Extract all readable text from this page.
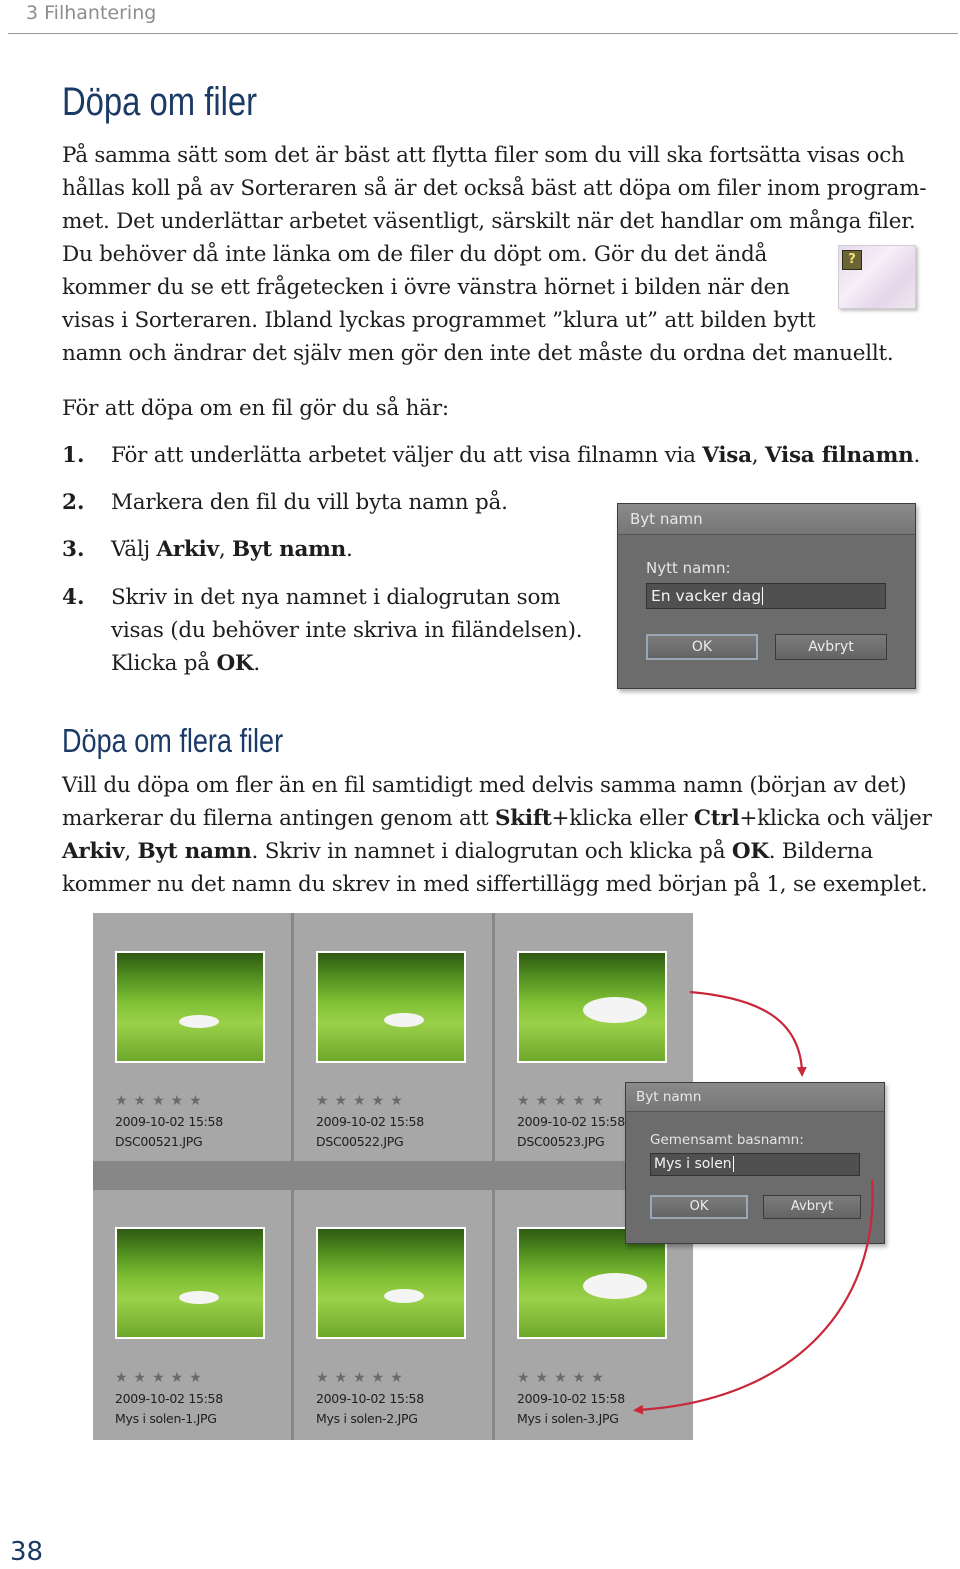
3 Filhantering
Döpa om filer
På samma sätt som det är bäst att flytta filer som du vill ska fortsätta visas och
hållas koll på av Sorteraren så är det också bäst att döpa om filer inom program-
met. Det underlättar arbetet väsentligt, särskilt när det handlar om många filer.
Du behöver då inte länka om de filer du döpt om. Gör du det ändå
kommer du se ett frågetecken i övre vänstra hörnet i bilden när den
visas i Sorteraren. Ibland lyckas programmet ”klura ut” att bilden bytt
namn och ändrar det själv men gör den inte det måste du ordna det manuellt.
?
För att döpa om en fil gör du så här:
1. För att underlätta arbetet väljer du att visa filnamn via Visa, Visa filnamn.
2. Markera den fil du vill byta namn på.
3. Välj Arkiv, Byt namn.
4. Skriv in det nya namnet i dialogrutan som
visas (du behöver inte skriva in filändelsen).
Klicka på OK.
Byt namn
Nytt namn:
En vacker dag
OK	Avbryt
Döpa om flera filer
Vill du döpa om fler än en fil samtidigt med delvis samma namn (början av det)
markerar du filerna antingen genom att Skift+klicka eller Ctrl+klicka och väljer
Arkiv, Byt namn. Skriv in namnet i dialogrutan och klicka på OK. Bilderna
kommer nu det namn du skrev in med siffertillägg med början på 1, se exemplet.
★★★★★
2009-10-02 15:58
DSC00521.JPG
★★★★★
2009-10-02 15:58
DSC00522.JPG
★★★★★
2009-10-02 15:58
DSC00523.JPG
★★★★★
2009-10-02 15:58
Mys i solen-1.JPG
★★★★★
2009-10-02 15:58
Mys i solen-2.JPG
★★★★★
2009-10-02 15:58
Mys i solen-3.JPG
Byt namn
Gemensamt basnamn:
Mys i solen
OK	Avbryt
38
